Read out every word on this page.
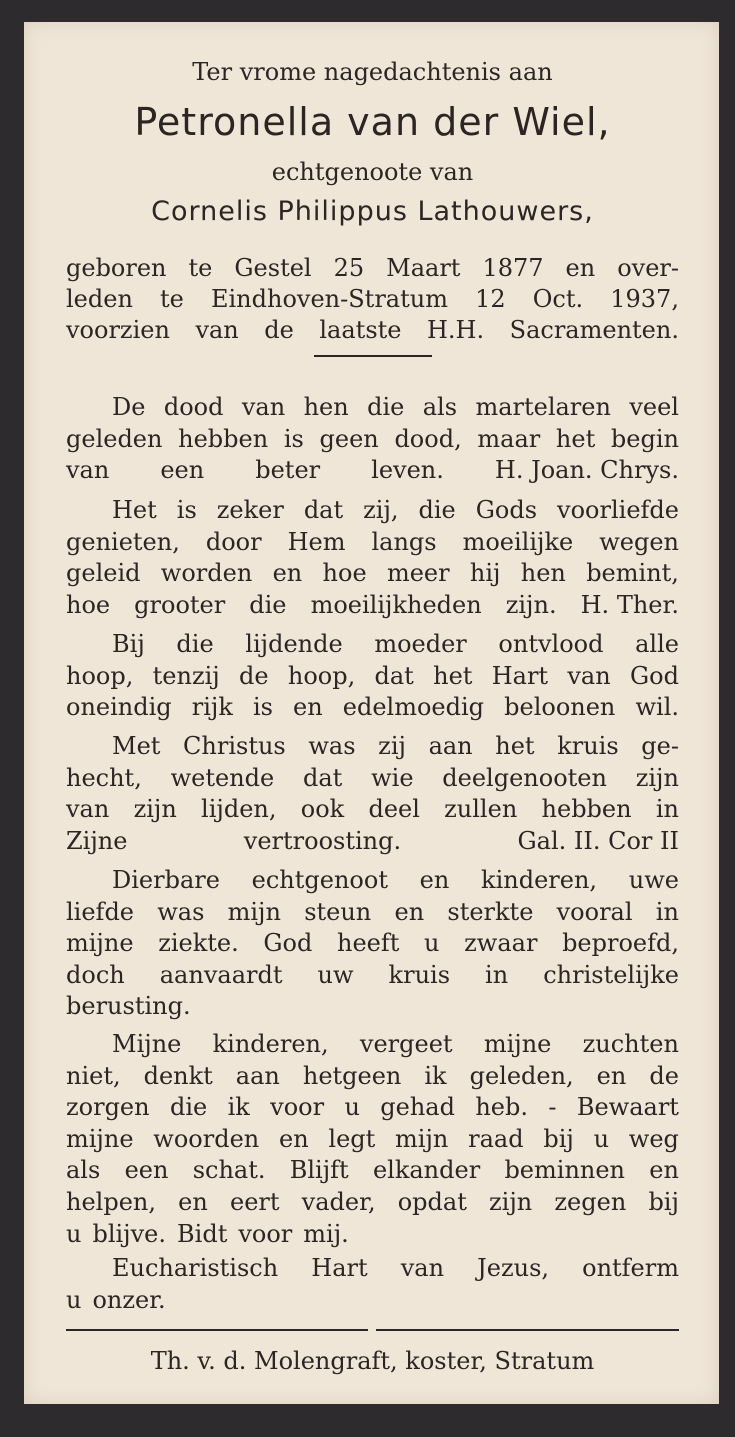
Ter vrome nagedachtenis aan
Petronella van der Wiel,
echtgenoote van
Cornelis Philippus Lathouwers,
geboren te Gestel 25 Maart 1877 en over-
leden te Eindhoven-Stratum 12 Oct. 1937,
voorzien van de laatste H.H. Sacramenten.
De dood van hen die als martelaren veel
geleden hebben is geen dood, maar het begin
van een beter leven. H. Joan. Chrys.
Het is zeker dat zij, die Gods voorliefde
genieten, door Hem langs moeilijke wegen
geleid worden en hoe meer hij hen bemint,
hoe grooter die moeilijkheden zijn. H. Ther.
Bij die lijdende moeder ontvlood alle
hoop, tenzij de hoop, dat het Hart van God
oneindig rijk is en edelmoedig beloonen wil.
Met Christus was zij aan het kruis ge-
hecht, wetende dat wie deelgenooten zijn
van zijn lijden, ook deel zullen hebben in
Zijne	vertroosting.	Gal. II. Cor II
Dierbare echtgenoot en kinderen, uwe
liefde was mijn steun en sterkte vooral in
mijne ziekte. God heeft u zwaar beproefd,
doch aanvaardt uw kruis in christelijke
berusting.
Mijne kinderen, vergeet mijne zuchten
niet, denkt aan hetgeen ik geleden, en de
zorgen die ik voor u gehad heb. - Bewaart
mijne woorden en legt mijn raad bij u weg
als een schat. Blijft elkander beminnen en
helpen, en eert vader, opdat zijn zegen bij
u blijve. Bidt voor mij.
Eucharistisch Hart van Jezus, ontferm
u onzer.
Th. v. d. Molengraft, koster, Stratum
